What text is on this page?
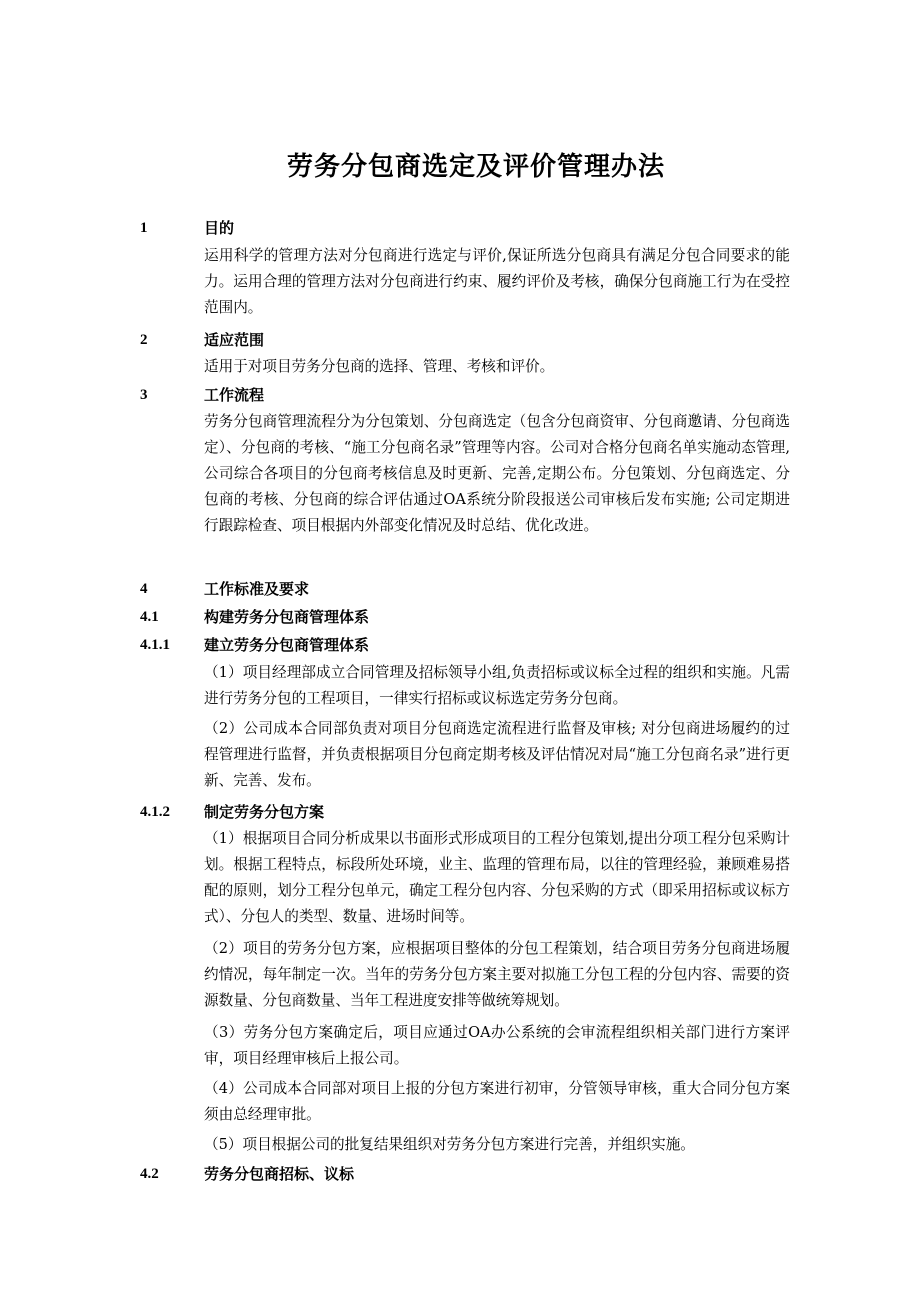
劳务分包商选定及评价管理办法
1	目的
运用科学的管理方法对分包商进行选定与评价,保证所选分包商具有满足分包合同要求的能力。运用合理的管理方法对分包商进行约束、履约评价及考核，确保分包商施工行为在受控范围内。
2	适应范围
适用于对项目劳务分包商的选择、管理、考核和评价。
3	工作流程
劳务分包商管理流程分为分包策划、分包商选定（包含分包商资审、分包商邀请、分包商选定）、分包商的考核、“施工分包商名录”管理等内容。公司对合格分包商名单实施动态管理,公司综合各项目的分包商考核信息及时更新、完善,定期公布。分包策划、分包商选定、分包商的考核、分包商的综合评估通过OA系统分阶段报送公司审核后发布实施; 公司定期进行跟踪检查、项目根据内外部变化情况及时总结、优化改进。
4	工作标准及要求
4.1	构建劳务分包商管理体系
4.1.1 建立劳务分包商管理体系
（1）项目经理部成立合同管理及招标领导小组,负责招标或议标全过程的组织和实施。凡需进行劳务分包的工程项目，一律实行招标或议标选定劳务分包商。
（2）公司成本合同部负责对项目分包商选定流程进行监督及审核; 对分包商进场履约的过程管理进行监督，并负责根据项目分包商定期考核及评估情况对局“施工分包商名录”进行更新、完善、发布。
4.1.2 制定劳务分包方案
（1）根据项目合同分析成果以书面形式形成项目的工程分包策划,提出分项工程分包采购计划。根据工程特点，标段所处环境，业主、监理的管理布局，以往的管理经验，兼顾难易搭配的原则，划分工程分包单元，确定工程分包内容、分包采购的方式（即采用招标或议标方式）、分包人的类型、数量、进场时间等。
（2）项目的劳务分包方案，应根据项目整体的分包工程策划，结合项目劳务分包商进场履约情况，每年制定一次。当年的劳务分包方案主要对拟施工分包工程的分包内容、需要的资源数量、分包商数量、当年工程进度安排等做统筹规划。
（3）劳务分包方案确定后，项目应通过OA办公系统的会审流程组织相关部门进行方案评审，项目经理审核后上报公司。
（4）公司成本合同部对项目上报的分包方案进行初审，分管领导审核，重大合同分包方案须由总经理审批。
（5）项目根据公司的批复结果组织对劳务分包方案进行完善，并组织实施。
4.2	劳务分包商招标、议标
